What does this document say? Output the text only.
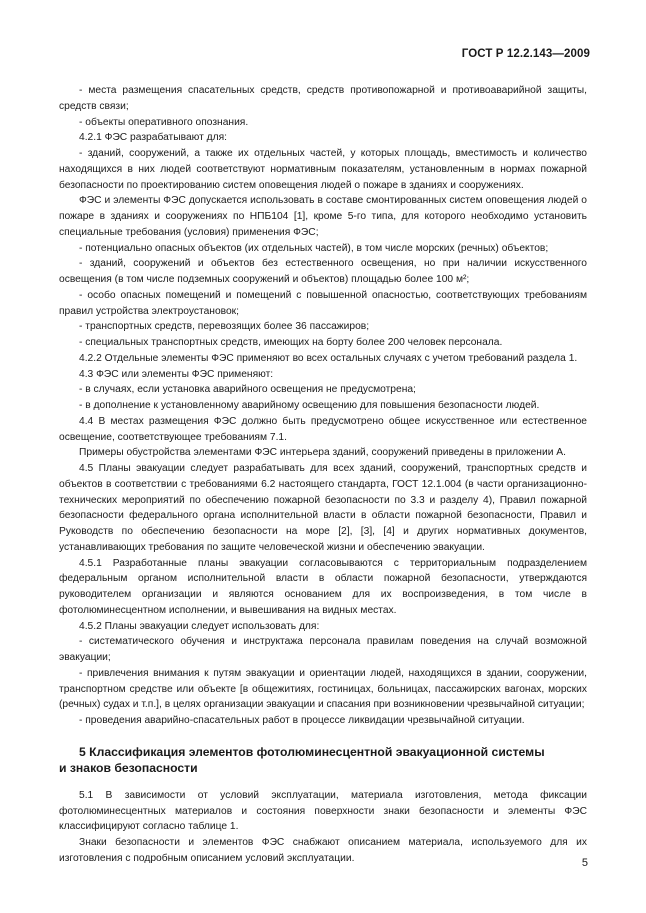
ГОСТ Р 12.2.143—2009

- места размещения спасательных средств, средств противопожарной и противоаварийной защиты, средств связи;

- объекты оперативного опознания.

4.2.1 ФЭС разрабатывают для:

- зданий, сооружений, а также их отдельных частей, у которых площадь, вместимость и количество находящихся в них людей соответствуют нормативным показателям, установленным в нормах пожарной безопасности по проектированию систем оповещения людей о пожаре в зданиях и сооружениях.

ФЭС и элементы ФЭС допускается использовать в составе смонтированных систем оповещения людей о пожаре в зданиях и сооружениях по НПБ104 [1], кроме 5-го типа, для которого необходимо установить специальные требования (условия) применения ФЭС;

- потенциально опасных объектов (их отдельных частей), в том числе морских (речных) объектов;

- зданий, сооружений и объектов без естественного освещения, но при наличии искусственного освещения (в том числе подземных сооружений и объектов) площадью более 100 м²;

- особо опасных помещений и помещений с повышенной опасностью, соответствующих требованиям правил устройства электроустановок;

- транспортных средств, перевозящих более 36 пассажиров;

- специальных транспортных средств, имеющих на борту более 200 человек персонала.

4.2.2 Отдельные элементы ФЭС применяют во всех остальных случаях с учетом требований раздела 1.

4.3 ФЭС или элементы ФЭС применяют:

- в случаях, если установка аварийного освещения не предусмотрена;

- в дополнение к установленному аварийному освещению для повышения безопасности людей.

4.4 В местах размещения ФЭС должно быть предусмотрено общее искусственное или естественное освещение, соответствующее требованиям 7.1.

Примеры обустройства элементами ФЭС интерьера зданий, сооружений приведены в приложении А.

4.5 Планы эвакуации следует разрабатывать для всех зданий, сооружений, транспортных средств и объектов в соответствии с требованиями 6.2 настоящего стандарта, ГОСТ 12.1.004 (в части организационно-технических мероприятий по обеспечению пожарной безопасности по 3.3 и разделу 4), Правил пожарной безопасности федерального органа исполнительной власти в области пожарной безопасности, Правил и Руководств по обеспечению безопасности на море [2], [3], [4] и других нормативных документов, устанавливающих требования по защите человеческой жизни и обеспечению эвакуации.

4.5.1 Разработанные планы эвакуации согласовываются с территориальным подразделением федеральным органом исполнительной власти в области пожарной безопасности, утверждаются руководителем организации и являются основанием для их воспроизведения, в том числе в фотолюминесцентном исполнении, и вывешивания на видных местах.

4.5.2 Планы эвакуации следует использовать для:

- систематического обучения и инструктажа персонала правилам поведения на случай возможной эвакуации;

- привлечения внимания к путям эвакуации и ориентации людей, находящихся в здании, сооружении, транспортном средстве или объекте [в общежитиях, гостиницах, больницах, пассажирских вагонах, морских (речных) судах и т.п.], в целях организации эвакуации и спасания при возникновении чрезвычайной ситуации;

- проведения аварийно-спасательных работ в процессе ликвидации чрезвычайной ситуации.

5 Классификация элементов фотолюминесцентной эвакуационной системы
и знаков безопасности

5.1 В зависимости от условий эксплуатации, материала изготовления, метода фиксации фотолюминесцентных материалов и состояния поверхности знаки безопасности и элементы ФЭС классифицируют согласно таблице 1.

Знаки безопасности и элементов ФЭС снабжают описанием материала, используемого для их изготовления с подробным описанием условий эксплуатации.	5
